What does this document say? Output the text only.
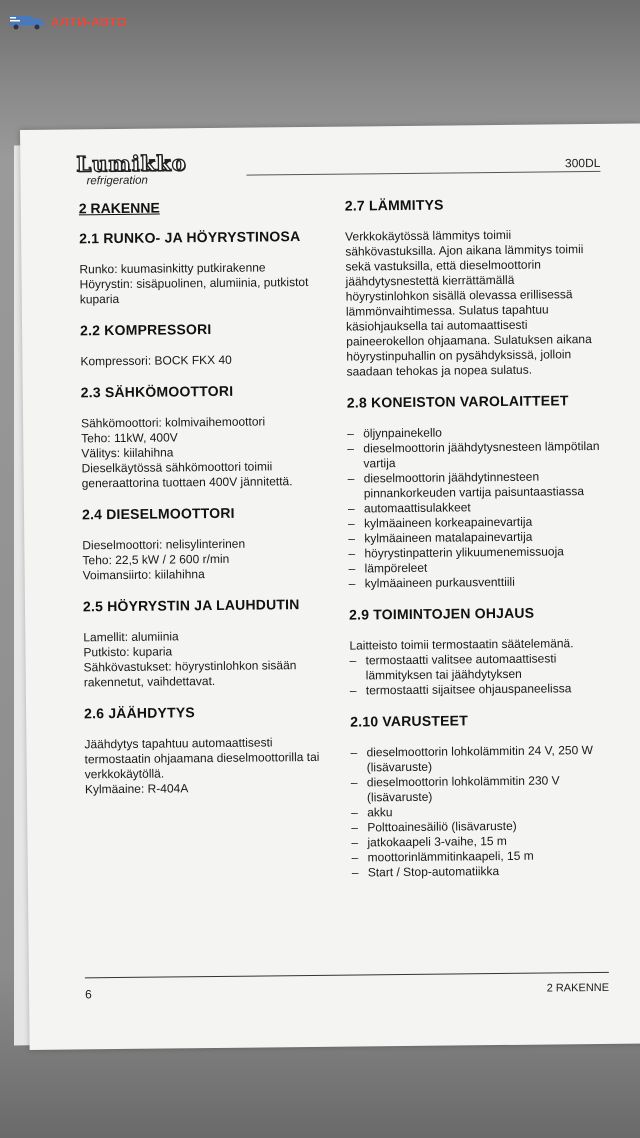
АЛТИ-АВТО
Lumikko
refrigeration
300DL
2 RAKENNE
2.1 RUNKO- JA HÖYRYSTINOSA

Runko: kuumasinkitty putkirakenne

Höyrystin: sisäpuolinen, alumiinia, putkistot kuparia

2.2 KOMPRESSORI

Kompressori: BOCK FKX 40

2.3 SÄHKÖMOOTTORI

Sähkömoottori: kolmivaihemoottori

Teho: 11kW, 400V

Välitys: kiilahihna

Dieselkäytössä sähkömoottori toimii generaattorina tuottaen 400V jännitettä.

2.4 DIESELMOOTTORI

Dieselmoottori: nelisylinterinen

Teho: 22,5 kW / 2 600 r/min

Voimansiirto: kiilahihna

2.5 HÖYRYSTIN JA LAUHDUTIN

Lamellit: alumiinia

Putkisto: kuparia

Sähkövastukset: höyrystinlohkon sisään rakennetut, vaihdettavat.

2.6 JÄÄHDYTYS

Jäähdytys tapahtuu automaattisesti termostaatin ohjaamana dieselmoottorilla tai verkkokäytöllä.

Kylmäaine: R-404A

2.7 LÄMMITYS

Verkkokäytössä lämmitys toimii sähkövastuksilla. Ajon aikana lämmitys toimii sekä vastuksilla, että dieselmoottorin jäähdytysnestettä kierrättämällä höyrystinlohkon sisällä olevassa erillisessä lämmönvaihtimessa. Sulatus tapahtuu käsiohjauksella tai automaattisesti paineerokellon ohjaamana. Sulatuksen aikana höyrystinpuhallin on pysähdyksissä, jolloin saadaan tehokas ja nopea sulatus.

2.8 KONEISTON VAROLAITTEET
– öljynpainekello
– dieselmoottorin jäähdytysnesteen lämpötilan vartija
– dieselmoottorin jäähdytinnesteen pinnankorkeuden vartija paisuntaastiassa
– automaattisulakkeet
– kylmäaineen korkeapainevartija
– kylmäaineen matalapainevartija
– höyrystinpatterin ylikuumenemissuoja
– lämpöreleet
– kylmäaineen purkausventtiili
2.9 TOIMINTOJEN OHJAUS

Laitteisto toimii termostaatin säätelemänä.

– termostaatti valitsee automaattisesti lämmityksen tai jäähdytyksen
– termostaatti sijaitsee ohjauspaneelissa
2.10 VARUSTEET
– dieselmoottorin lohkolämmitin 24 V, 250 W (lisävaruste)
– dieselmoottorin lohkolämmitin 230 V (lisävaruste)
– akku
– Polttoainesäiliö (lisävaruste)
– jatkokaapeli 3-vaihe, 15 m
– moottorinlämmitinkaapeli, 15 m
– Start / Stop-automatiikka
6	2 RAKENNE
